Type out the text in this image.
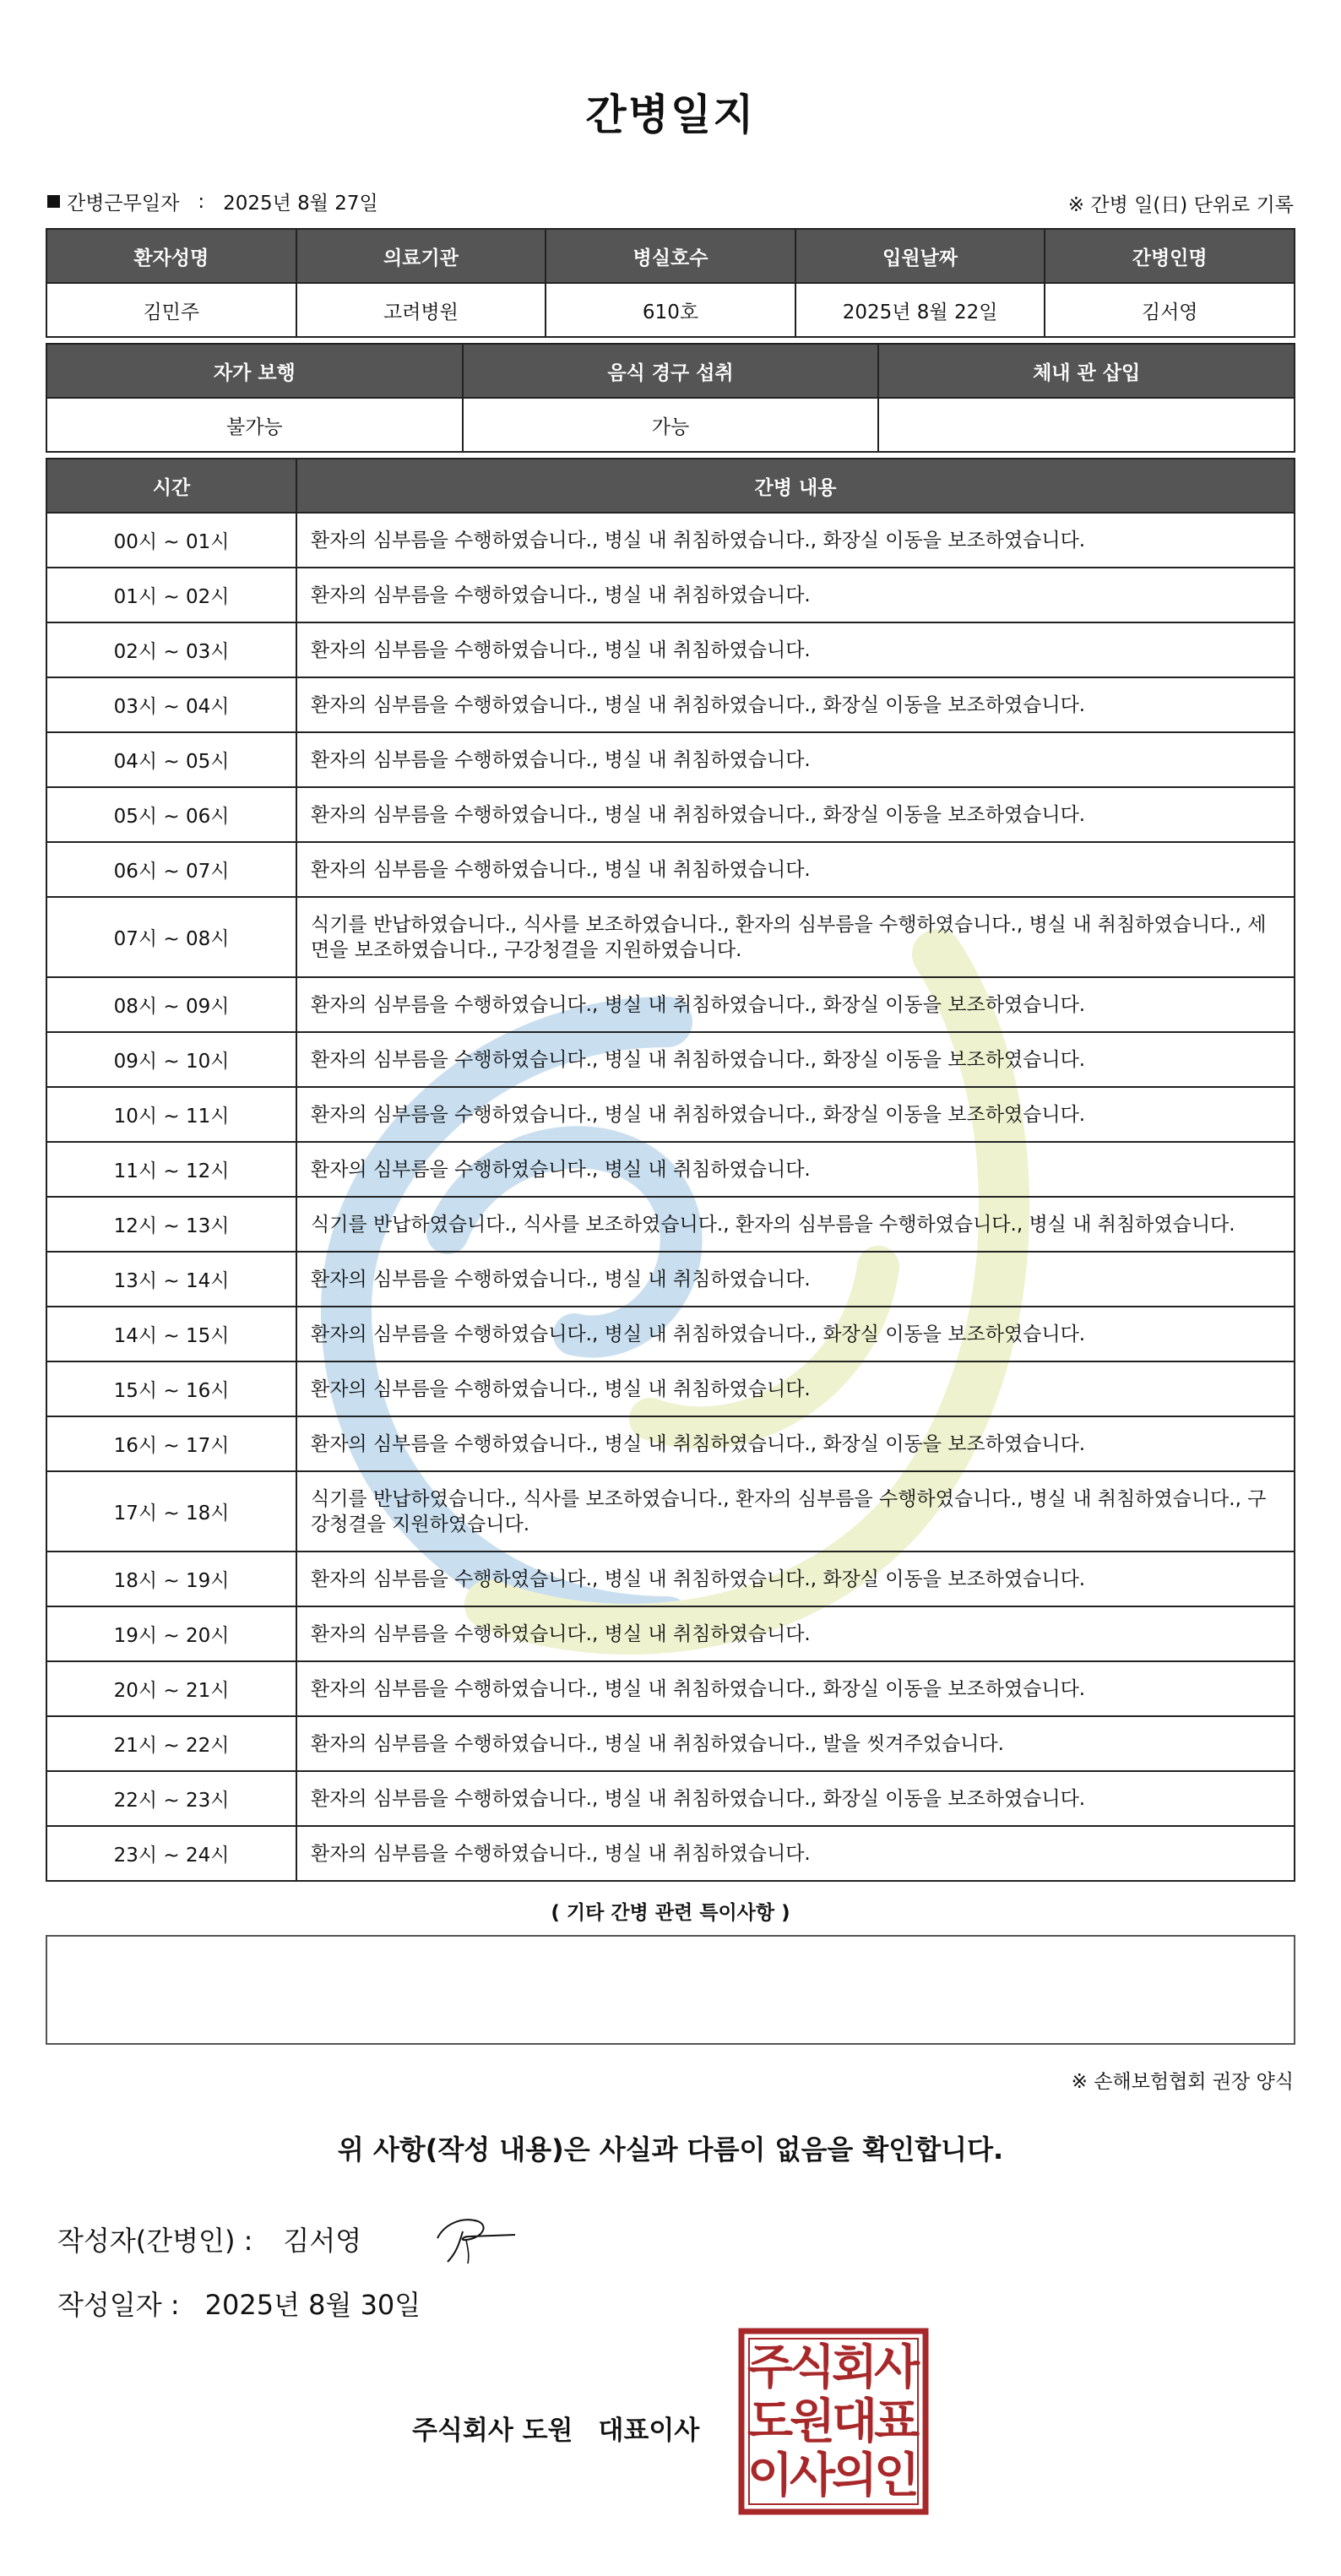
간병일지
간병근무일자 : 2025년 8월 27일	※ 간병 일(日) 단위로 기록
환자성명	의료기관	병실호수	입원날짜	간병인명
김민주	고려병원	610호	2025년 8월 22일	김서영
자가 보행	음식 경구 섭취	체내 관 삽입
불가능	가능	
시간	간병 내용
00시 ~ 01시	환자의 심부름을 수행하였습니다., 병실 내 취침하였습니다., 화장실 이동을 보조하였습니다.
01시 ~ 02시	환자의 심부름을 수행하였습니다., 병실 내 취침하였습니다.
02시 ~ 03시	환자의 심부름을 수행하였습니다., 병실 내 취침하였습니다.
03시 ~ 04시	환자의 심부름을 수행하였습니다., 병실 내 취침하였습니다., 화장실 이동을 보조하였습니다.
04시 ~ 05시	환자의 심부름을 수행하였습니다., 병실 내 취침하였습니다.
05시 ~ 06시	환자의 심부름을 수행하였습니다., 병실 내 취침하였습니다., 화장실 이동을 보조하였습니다.
06시 ~ 07시	환자의 심부름을 수행하였습니다., 병실 내 취침하였습니다.
07시 ~ 08시	식기를 반납하였습니다., 식사를 보조하였습니다., 환자의 심부름을 수행하였습니다., 병실 내 취침하였습니다., 세면을 보조하였습니다., 구강청결을 지원하였습니다.
08시 ~ 09시	환자의 심부름을 수행하였습니다., 병실 내 취침하였습니다., 화장실 이동을 보조하였습니다.
09시 ~ 10시	환자의 심부름을 수행하였습니다., 병실 내 취침하였습니다., 화장실 이동을 보조하였습니다.
10시 ~ 11시	환자의 심부름을 수행하였습니다., 병실 내 취침하였습니다., 화장실 이동을 보조하였습니다.
11시 ~ 12시	환자의 심부름을 수행하였습니다., 병실 내 취침하였습니다.
12시 ~ 13시	식기를 반납하였습니다., 식사를 보조하였습니다., 환자의 심부름을 수행하였습니다., 병실 내 취침하였습니다.
13시 ~ 14시	환자의 심부름을 수행하였습니다., 병실 내 취침하였습니다.
14시 ~ 15시	환자의 심부름을 수행하였습니다., 병실 내 취침하였습니다., 화장실 이동을 보조하였습니다.
15시 ~ 16시	환자의 심부름을 수행하였습니다., 병실 내 취침하였습니다.
16시 ~ 17시	환자의 심부름을 수행하였습니다., 병실 내 취침하였습니다., 화장실 이동을 보조하였습니다.
17시 ~ 18시	식기를 반납하였습니다., 식사를 보조하였습니다., 환자의 심부름을 수행하였습니다., 병실 내 취침하였습니다., 구강청결을 지원하였습니다.
18시 ~ 19시	환자의 심부름을 수행하였습니다., 병실 내 취침하였습니다., 화장실 이동을 보조하였습니다.
19시 ~ 20시	환자의 심부름을 수행하였습니다., 병실 내 취침하였습니다.
20시 ~ 21시	환자의 심부름을 수행하였습니다., 병실 내 취침하였습니다., 화장실 이동을 보조하였습니다.
21시 ~ 22시	환자의 심부름을 수행하였습니다., 병실 내 취침하였습니다., 발을 씻겨주었습니다.
22시 ~ 23시	환자의 심부름을 수행하였습니다., 병실 내 취침하였습니다., 화장실 이동을 보조하였습니다.
23시 ~ 24시	환자의 심부름을 수행하였습니다., 병실 내 취침하였습니다.
( 기타 간병 관련 특이사항 )
※ 손해보험협회 권장 양식
위 사항(작성 내용)은 사실과 다름이 없음을 확인합니다.
작성자(간병인) : 김서영
작성일자 : 2025년 8월 30일
주식회사 도원 대표이사
주
식
회
사
도
원
대
표
이
사
의
인
